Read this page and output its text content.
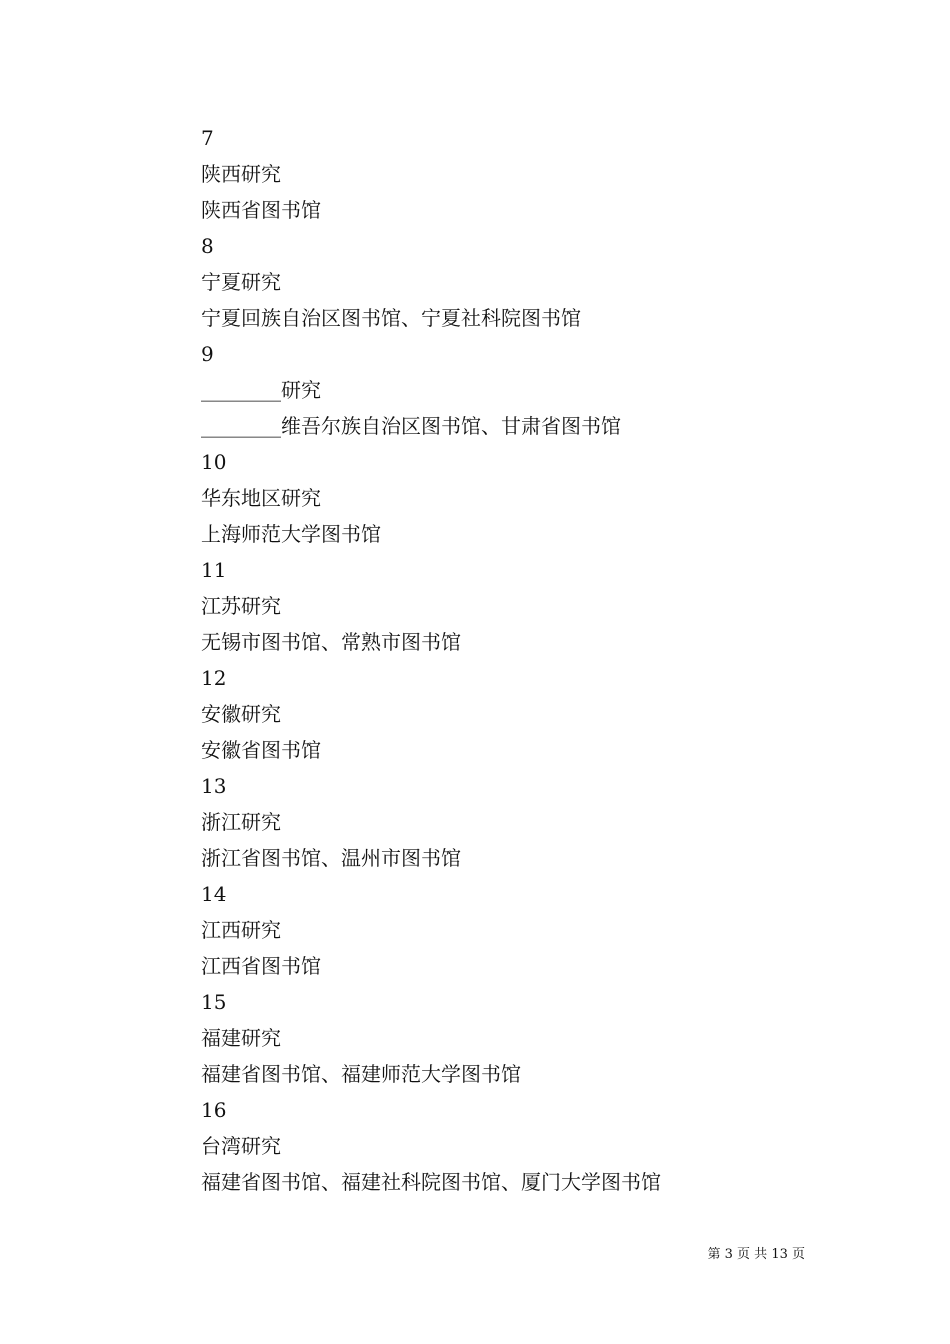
7
陕西研究
陕西省图书馆
8
宁夏研究
宁夏回族自治区图书馆、宁夏社科院图书馆
9
________研究
________维吾尔族自治区图书馆、甘肃省图书馆
10
华东地区研究
上海师范大学图书馆
11
江苏研究
无锡市图书馆、常熟市图书馆
12
安徽研究
安徽省图书馆
13
浙江研究
浙江省图书馆、温州市图书馆
14
江西研究
江西省图书馆
15
福建研究
福建省图书馆、福建师范大学图书馆
16
台湾研究
福建省图书馆、福建社科院图书馆、厦门大学图书馆
第 3 页 共 13 页
